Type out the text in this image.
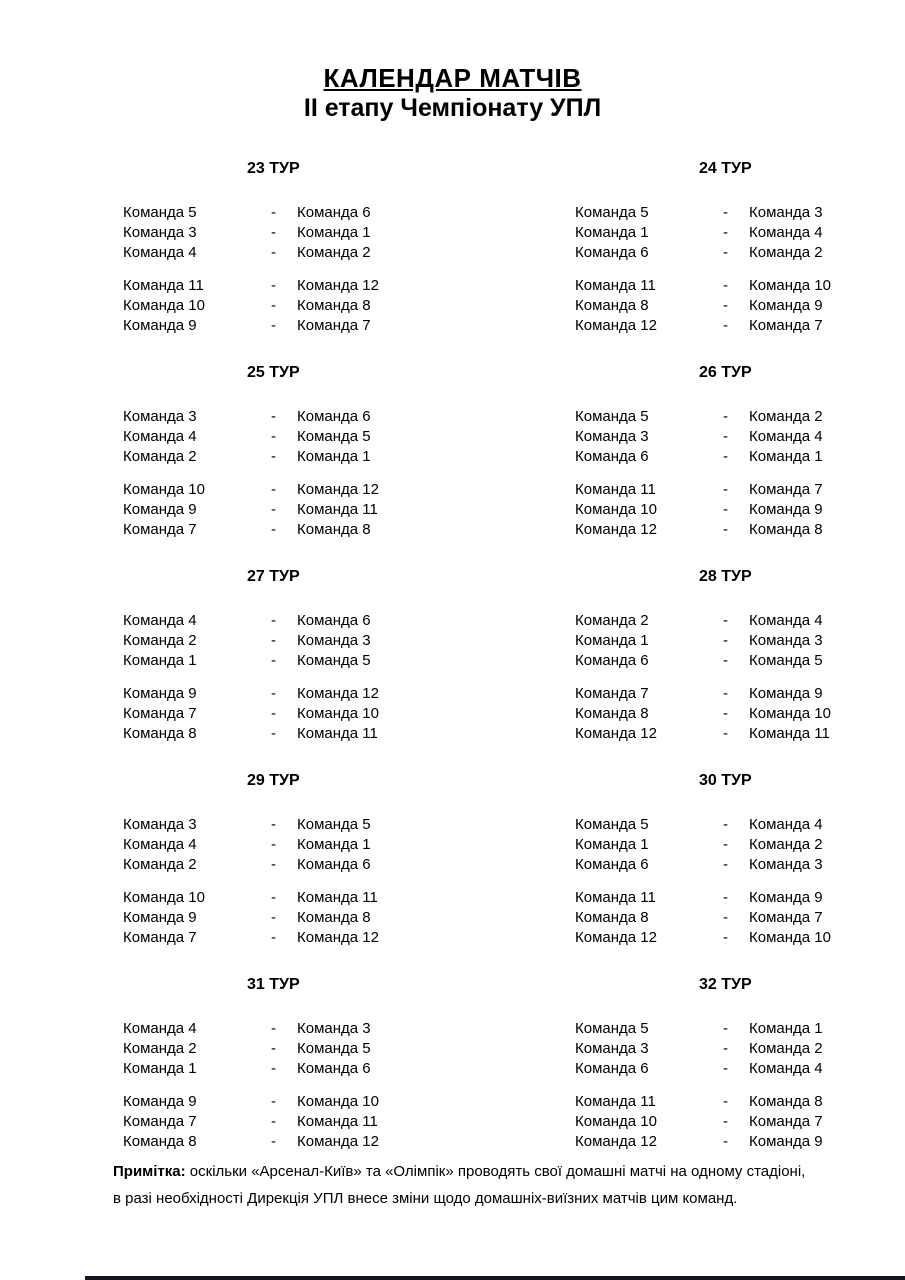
КАЛЕНДАР МАТЧІВ
II етапу Чемпіонату УПЛ
23 ТУР
Команда 5	-	Команда 6
Команда 3	-	Команда 1
Команда 4	-	Команда 2
Команда 11	-	Команда 12
Команда 10	-	Команда 8
Команда 9	-	Команда 7
24 ТУР
Команда 5	-	Команда 3
Команда 1	-	Команда 4
Команда 6	-	Команда 2
Команда 11	-	Команда 10
Команда 8	-	Команда 9
Команда 12	-	Команда 7
25 ТУР
Команда 3	-	Команда 6
Команда 4	-	Команда 5
Команда 2	-	Команда 1
Команда 10	-	Команда 12
Команда 9	-	Команда 11
Команда 7	-	Команда 8
26 ТУР
Команда 5	-	Команда 2
Команда 3	-	Команда 4
Команда 6	-	Команда 1
Команда 11	-	Команда 7
Команда 10	-	Команда 9
Команда 12	-	Команда 8
27 ТУР
Команда 4	-	Команда 6
Команда 2	-	Команда 3
Команда 1	-	Команда 5
Команда 9	-	Команда 12
Команда 7	-	Команда 10
Команда 8	-	Команда 11
28 ТУР
Команда 2	-	Команда 4
Команда 1	-	Команда 3
Команда 6	-	Команда 5
Команда 7	-	Команда 9
Команда 8	-	Команда 10
Команда 12	-	Команда 11
29 ТУР
Команда 3	-	Команда 5
Команда 4	-	Команда 1
Команда 2	-	Команда 6
Команда 10	-	Команда 11
Команда 9	-	Команда 8
Команда 7	-	Команда 12
30 ТУР
Команда 5	-	Команда 4
Команда 1	-	Команда 2
Команда 6	-	Команда 3
Команда 11	-	Команда 9
Команда 8	-	Команда 7
Команда 12	-	Команда 10
31 ТУР
Команда 4	-	Команда 3
Команда 2	-	Команда 5
Команда 1	-	Команда 6
Команда 9	-	Команда 10
Команда 7	-	Команда 11
Команда 8	-	Команда 12
32 ТУР
Команда 5	-	Команда 1
Команда 3	-	Команда 2
Команда 6	-	Команда 4
Команда 11	-	Команда 8
Команда 10	-	Команда 7
Команда 12	-	Команда 9

Примітка: оскільки «Арсенал-Київ» та «Олімпік» проводять свої домашні матчі на одному стадіоні,
в разі необхідності Дирекція УПЛ внесе зміни щодо домашніх-виїзних матчів цим команд.
